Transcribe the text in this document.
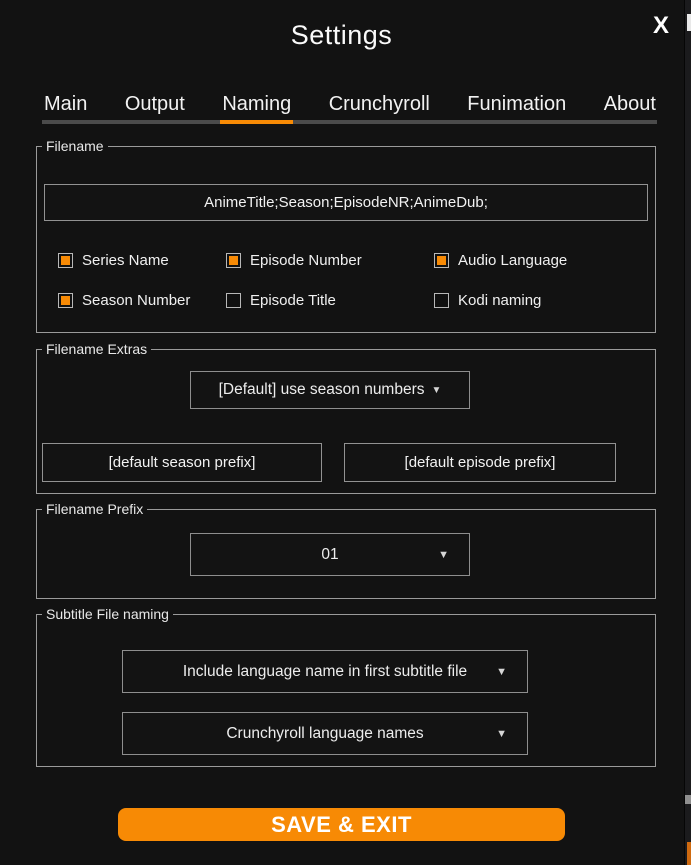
Settings	X
Main Output Naming Crunchyroll Funimation About
Filename
AnimeTitle;Season;EpisodeNR;AnimeDub;
Series Name	Episode Number	Audio Language
Season Number	Episode Title	Kodi naming
Filename Extras
[Default] use season numbers ▼
[default season prefix]
[default episode prefix]
Filename Prefix
01	▼
Subtitle File naming
Include language name in first subtitle file	▼
Crunchyroll language names	▼
SAVE & EXIT
